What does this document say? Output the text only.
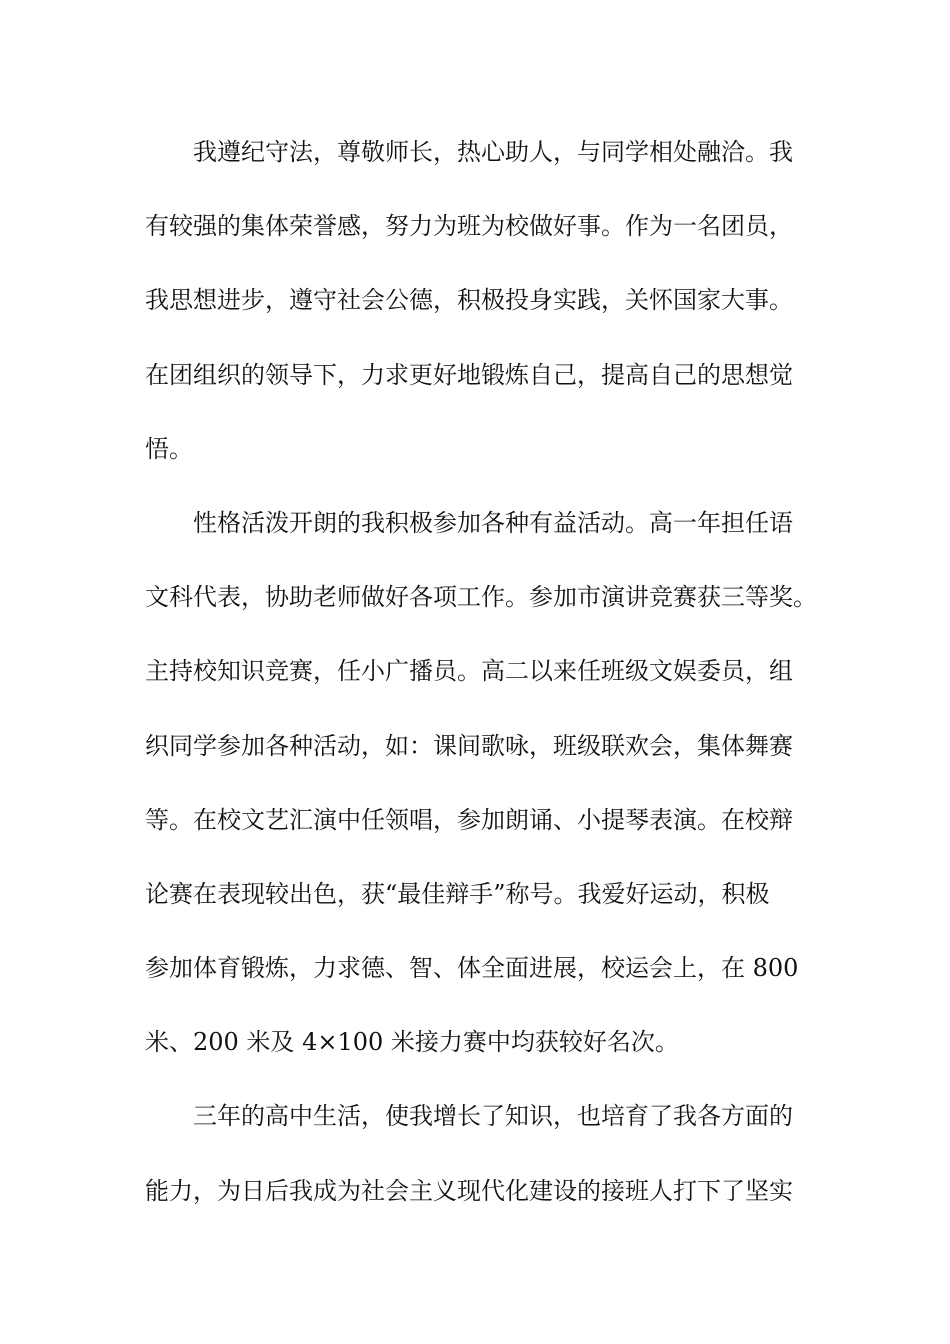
我遵纪守法，尊敬师长，热心助人，与同学相处融洽。我
有较强的集体荣誉感，努力为班为校做好事。作为一名团员，
我思想进步，遵守社会公德，积极投身实践，关怀国家大事。
在团组织的领导下，力求更好地锻炼自己，提高自己的思想觉
悟。
性格活泼开朗的我积极参加各种有益活动。高一年担任语
文科代表，协助老师做好各项工作。参加市演讲竞赛获三等奖。
主持校知识竞赛，任小广播员。高二以来任班级文娱委员，组
织同学参加各种活动，如：课间歌咏，班级联欢会，集体舞赛
等。在校文艺汇演中任领唱，参加朗诵、小提琴表演。在校辩
论赛在表现较出色，获“最佳辩手”称号。我爱好运动，积极
参加体育锻炼，力求德、智、体全面进展，校运会上，在 800
米、200 米及 4×100 米接力赛中均获较好名次。
三年的高中生活，使我增长了知识，也培育了我各方面的
能力，为日后我成为社会主义现代化建设的接班人打下了坚实
